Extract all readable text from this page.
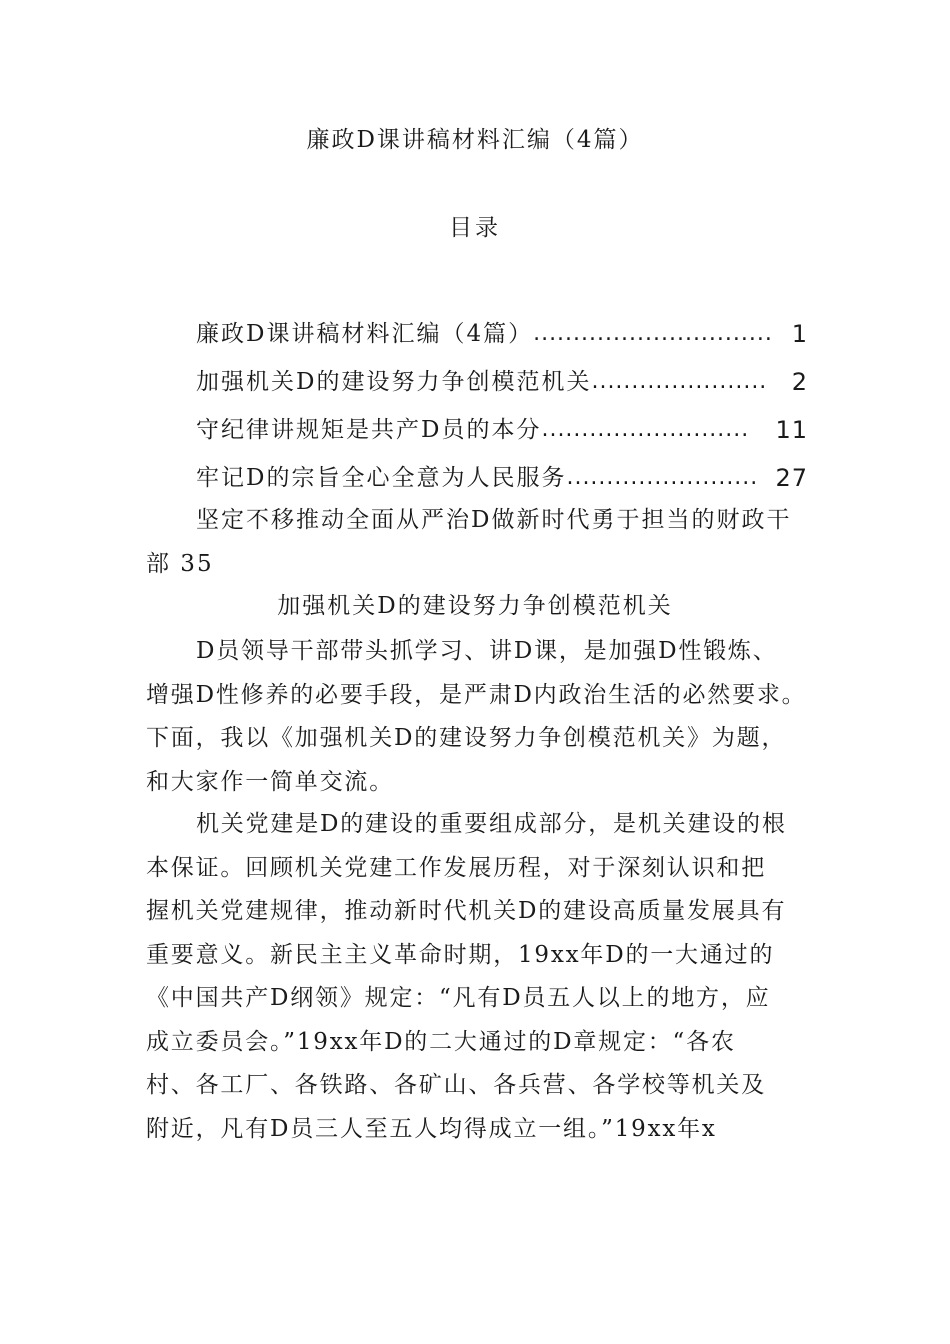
廉政D课讲稿材料汇编（4篇）
目录
廉政D课讲稿材料汇编（4篇） .............................. 1
加强机关D的建设努力争创模范机关 ......................	2
守纪律讲规矩是共产D员的本分 ..........................	11
牢记D的宗旨全心全意为人民服务 ........................ 27
坚定不移推动全面从严治D做新时代勇于担当的财政干
部 35
加强机关D的建设努力争创模范机关
D员领导干部带头抓学习、讲D课，是加强D性锻炼、
增强D性修养的必要手段，是严肃D内政治生活的必然要求。
下面，我以《加强机关D的建设努力争创模范机关》为题，
和大家作一简单交流。
机关党建是D的建设的重要组成部分，是机关建设的根
本保证。回顾机关党建工作发展历程，对于深刻认识和把
握机关党建规律，推动新时代机关D的建设高质量发展具有
重要意义。新民主主义革命时期，19xx年D的一大通过的
《中国共产D纲领》规定：“凡有D员五人以上的地方，应
成立委员会。”19xx年D的二大通过的D章规定：“各农
村、各工厂、各铁路、各矿山、各兵营、各学校等机关及
附近，凡有D员三人至五人均得成立一组。”19xx年x
